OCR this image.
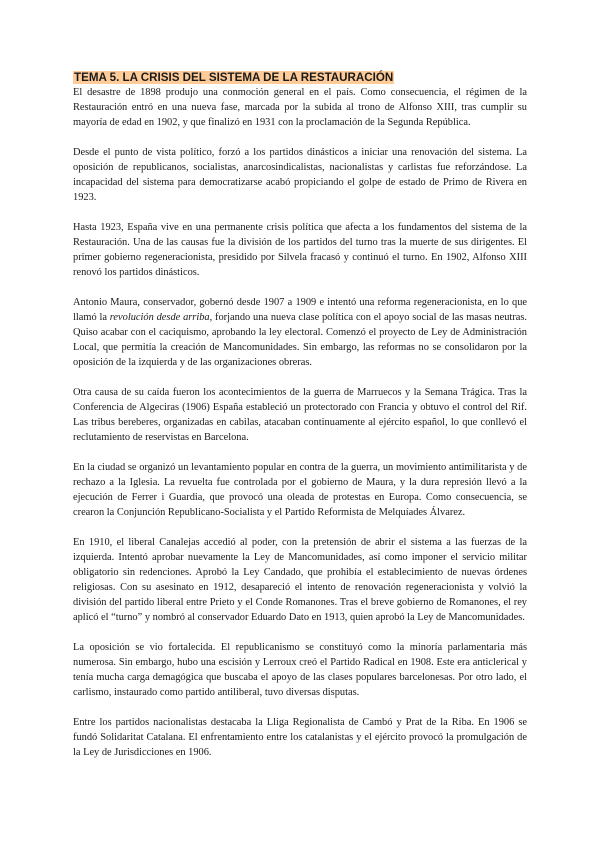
TEMA 5. LA CRISIS DEL SISTEMA DE LA RESTAURACIÓN

El desastre de 1898 produjo una conmoción general en el país. Como consecuencia, el régimen de la Restauración entró en una nueva fase, marcada por la subida al trono de Alfonso XIII, tras cumplir su mayoría de edad en 1902, y que finalizó en 1931 con la proclamación de la Segunda República.

Desde el punto de vista político, forzó a los partidos dinásticos a iniciar una renovación del sistema. La oposición de republicanos, socialistas, anarcosindicalistas, nacionalistas y carlistas fue reforzándose. La incapacidad del sistema para democratizarse acabó propiciando el golpe de estado de Primo de Rivera en 1923.

Hasta 1923, España vive en una permanente crisis política que afecta a los fundamentos del sistema de la Restauración. Una de las causas fue la división de los partidos del turno tras la muerte de sus dirigentes. El primer gobierno regeneracionista, presidido por Silvela fracasó y continuó el turno. En 1902, Alfonso XIII renovó los partidos dinásticos.

Antonio Maura, conservador, gobernó desde 1907 a 1909 e intentó una reforma regeneracionista, en lo que llamó la revolución desde arriba, forjando una nueva clase política con el apoyo social de las masas neutras. Quiso acabar con el caciquismo, aprobando la ley electoral. Comenzó el proyecto de Ley de Administración Local, que permitía la creación de Mancomunidades. Sin embargo, las reformas no se consolidaron por la oposición de la izquierda y de las organizaciones obreras.

Otra causa de su caída fueron los acontecimientos de la guerra de Marruecos y la Semana Trágica. Tras la Conferencia de Algeciras (1906) España estableció un protectorado con Francia y obtuvo el control del Rif. Las tribus bereberes, organizadas en cabilas, atacaban continuamente al ejército español, lo que conllevó el reclutamiento de reservistas en Barcelona.

En la ciudad se organizó un levantamiento popular en contra de la guerra, un movimiento antimilitarista y de rechazo a la Iglesia. La revuelta fue controlada por el gobierno de Maura, y la dura represión llevó a la ejecución de Ferrer i Guardia, que provocó una oleada de protestas en Europa. Como consecuencia, se crearon la Conjunción Republicano-Socialista y el Partido Reformista de Melquíades Álvarez.

En 1910, el liberal Canalejas accedió al poder, con la pretensión de abrir el sistema a las fuerzas de la izquierda. Intentó aprobar nuevamente la Ley de Mancomunidades, así como imponer el servicio militar obligatorio sin redenciones. Aprobó la Ley Candado, que prohibía el establecimiento de nuevas órdenes religiosas. Con su asesinato en 1912, desapareció el intento de renovación regeneracionista y volvió la división del partido liberal entre Prieto y el Conde Romanones. Tras el breve gobierno de Romanones, el rey aplicó el “turno” y nombró al conservador Eduardo Dato en 1913, quien aprobó la Ley de Mancomunidades.

La oposición se vio fortalecida. El republicanismo se constituyó como la minoría parlamentaria más numerosa. Sin embargo, hubo una escisión y Lerroux creó el Partido Radical en 1908. Este era anticlerical y tenía mucha carga demagógica que buscaba el apoyo de las clases populares barcelonesas. Por otro lado, el carlismo, instaurado como partido antiliberal, tuvo diversas disputas.

Entre los partidos nacionalistas destacaba la Lliga Regionalista de Cambó y Prat de la Riba. En 1906 se fundó Solidaritat Catalana. El enfrentamiento entre los catalanistas y el ejército provocó la promulgación de la Ley de Jurisdicciones en 1906.
